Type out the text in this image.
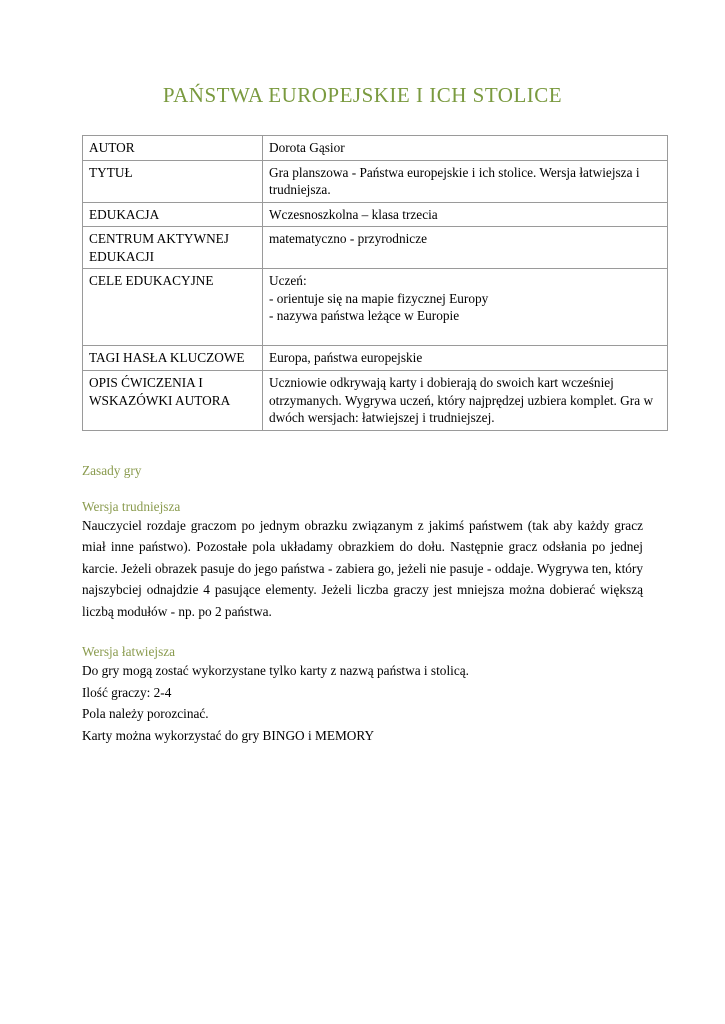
PAŃSTWA EUROPEJSKIE I ICH STOLICE
AUTOR	Dorota Gąsior

TYTUŁ	Gra planszowa - Państwa europejskie i ich stolice. Wersja łatwiejsza i trudniejsza.

EDUKACJA	Wczesnoszkolna – klasa trzecia

CENTRUM AKTYWNEJ EDUKACJI	matematyczno - przyrodnicze

CELE EDUKACYJNE	Uczeń:
- orientuje się na mapie fizycznej Europy
- nazywa państwa leżące w Europie

TAGI HASŁA KLUCZOWE	Europa, państwa europejskie

OPIS ĆWICZENIA I WSKAZÓWKI AUTORA	Uczniowie odkrywają karty i dobierają do swoich kart wcześniej otrzymanych. Wygrywa uczeń, który najprędzej uzbiera komplet. Gra w dwóch wersjach: łatwiejszej i trudniejszej.
Zasady gry
Wersja trudniejsza

Nauczyciel rozdaje graczom po jednym obrazku związanym z jakimś państwem (tak aby każdy gracz miał inne państwo). Pozostałe pola układamy obrazkiem do dołu. Następnie gracz odsłania po jednej karcie. Jeżeli obrazek pasuje do jego państwa - zabiera go, jeżeli nie pasuje - oddaje. Wygrywa ten, który najszybciej odnajdzie 4 pasujące elementy. Jeżeli liczba graczy jest mniejsza można dobierać większą liczbą modułów - np. po 2 państwa.

Wersja łatwiejsza

Do gry mogą zostać wykorzystane tylko karty z nazwą państwa i stolicą.

Ilość graczy: 2-4

Pola należy porozcinać.

Karty można wykorzystać do gry BINGO i MEMORY
